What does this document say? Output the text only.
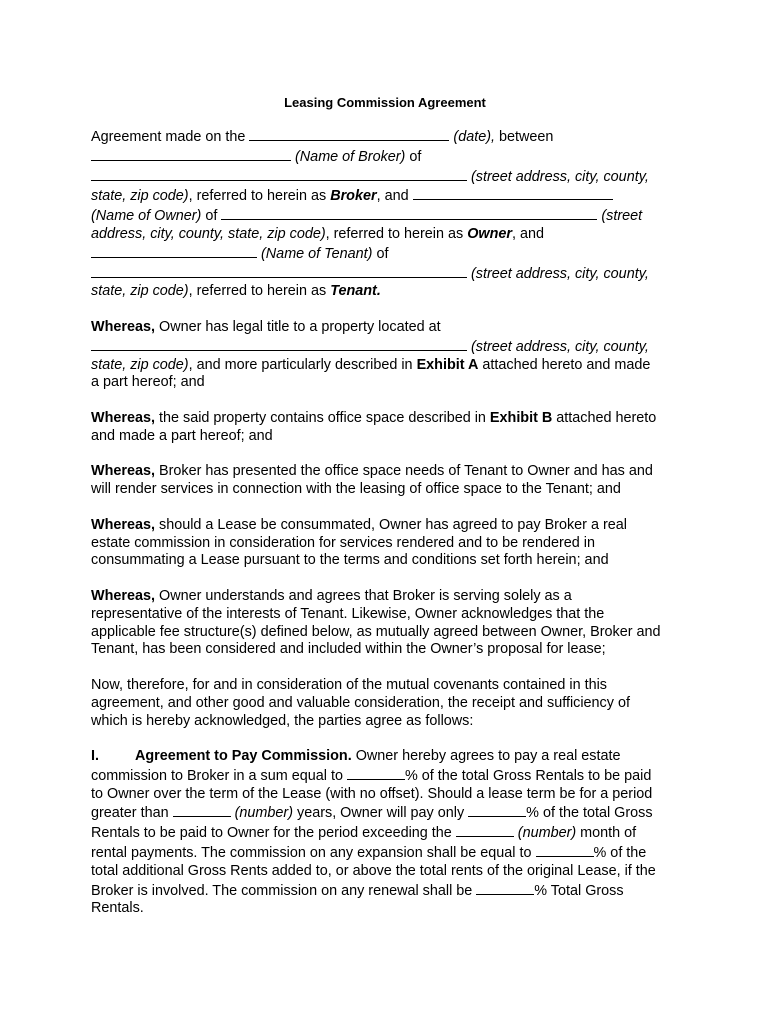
Leasing Commission Agreement
Agreement made on the	(date), between
(Name of Broker) of
(street address, city, county,
state, zip code), referred to herein as Broker, and
(Name of Owner) of	(street
address, city, county, state, zip code), referred to herein as Owner, and
(Name of Tenant) of
(street address, city, county,
state, zip code), referred to herein as Tenant.
Whereas, Owner has legal title to a property located at
(street address, city, county,
state, zip code), and more particularly described in Exhibit A attached hereto and made
a part hereof; and
Whereas, the said property contains office space described in Exhibit B attached hereto
and made a part hereof; and
Whereas, Broker has presented the office space needs of Tenant to Owner and has and
will render services in connection with the leasing of office space to the Tenant; and
Whereas, should a Lease be consummated, Owner has agreed to pay Broker a real
estate commission in consideration for services rendered and to be rendered in
consummating a Lease pursuant to the terms and conditions set forth herein; and
Whereas, Owner understands and agrees that Broker is serving solely as a
representative of the interests of Tenant. Likewise, Owner acknowledges that the
applicable fee structure(s) defined below, as mutually agreed between Owner, Broker and
Tenant, has been considered and included within the Owner’s proposal for lease;
Now, therefore, for and in consideration of the mutual covenants contained in this
agreement, and other good and valuable consideration, the receipt and sufficiency of
which is hereby acknowledged, the parties agree as follows:
I.	Agreement to Pay Commission. Owner hereby agrees to pay a real estate
commission to Broker in a sum equal to	% of the total Gross Rentals to be paid
to Owner over the term of the Lease (with no offset). Should a lease term be for a period
greater than	(number) years, Owner will pay only	% of the total Gross
Rentals to be paid to Owner for the period exceeding the	(number) month of
rental payments. The commission on any expansion shall be equal to	% of the
total additional Gross Rents added to, or above the total rents of the original Lease, if the
Broker is involved. The commission on any renewal shall be	% Total Gross
Rentals.
